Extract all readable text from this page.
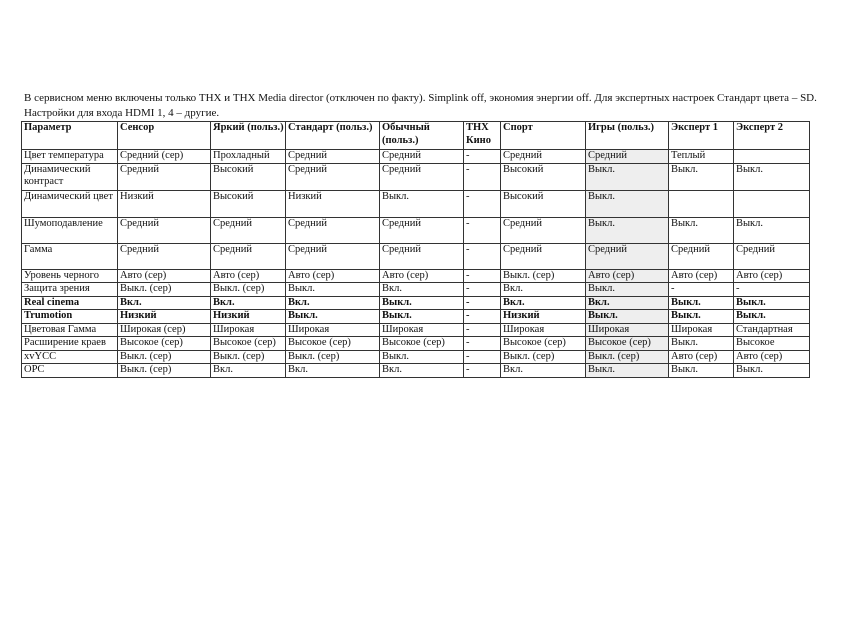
В сервисном меню включены только THX и THX Media director (отключен по факту). Simplink off, экономия энергии off. Для экспертных настроек Стандарт цвета – SD. Настройки для входа HDMI 1, 4 – другие.

Параметр	Сенсор	Яркий (польз.)	Стандарт (польз.)	Обычный (польз.)	THX Кино	Спорт	Игры (польз.)	Эксперт 1	Эксперт 2
Цвет температура	Средний (сер)	Прохладный	Средний	Средний	-	Средний	Средний	Теплый	
Динамический контраст	Средний	Высокий	Средний	Средний	-	Высокий	Выкл.	Выкл.	Выкл.
Динамический цвет	Низкий	Высокий	Низкий	Выкл.	-	Высокий	Выкл.		
Шумоподавление	Средний	Средний	Средний	Средний	-	Средний	Выкл.	Выкл.	Выкл.
Гамма	Средний	Средний	Средний	Средний	-	Средний	Средний	Средний	Средний
Уровень черного	Авто (сер)	Авто (сер)	Авто (сер)	Авто (сер)	-	Выкл. (сер)	Авто (сер)	Авто (сер)	Авто (сер)
Защита зрения	Выкл. (сер)	Выкл. (сер)	Выкл.	Вкл.	-	Вкл.	Выкл.	-	-
Real cinema	Вкл.	Вкл.	Вкл.	Выкл.	-	Вкл.	Вкл.	Выкл.	Выкл.
Trumotion	Низкий	Низкий	Выкл.	Выкл.	-	Низкий	Выкл.	Выкл.	Выкл.
Цветовая Гамма	Широкая (сер)	Широкая	Широкая	Широкая	-	Широкая	Широкая	Широкая	Стандартная
Расширение краев	Высокое (сер)	Высокое (сер)	Высокое (сер)	Высокое (сер)	-	Высокое (сер)	Высокое (сер)	Выкл.	Высокое
xvYCC	Выкл. (сер)	Выкл. (сер)	Выкл. (сер)	Выкл.	-	Выкл. (сер)	Выкл. (сер)	Авто (сер)	Авто (сер)
OPC	Выкл. (сер)	Вкл.	Вкл.	Вкл.	-	Вкл.	Выкл.	Выкл.	Выкл.
